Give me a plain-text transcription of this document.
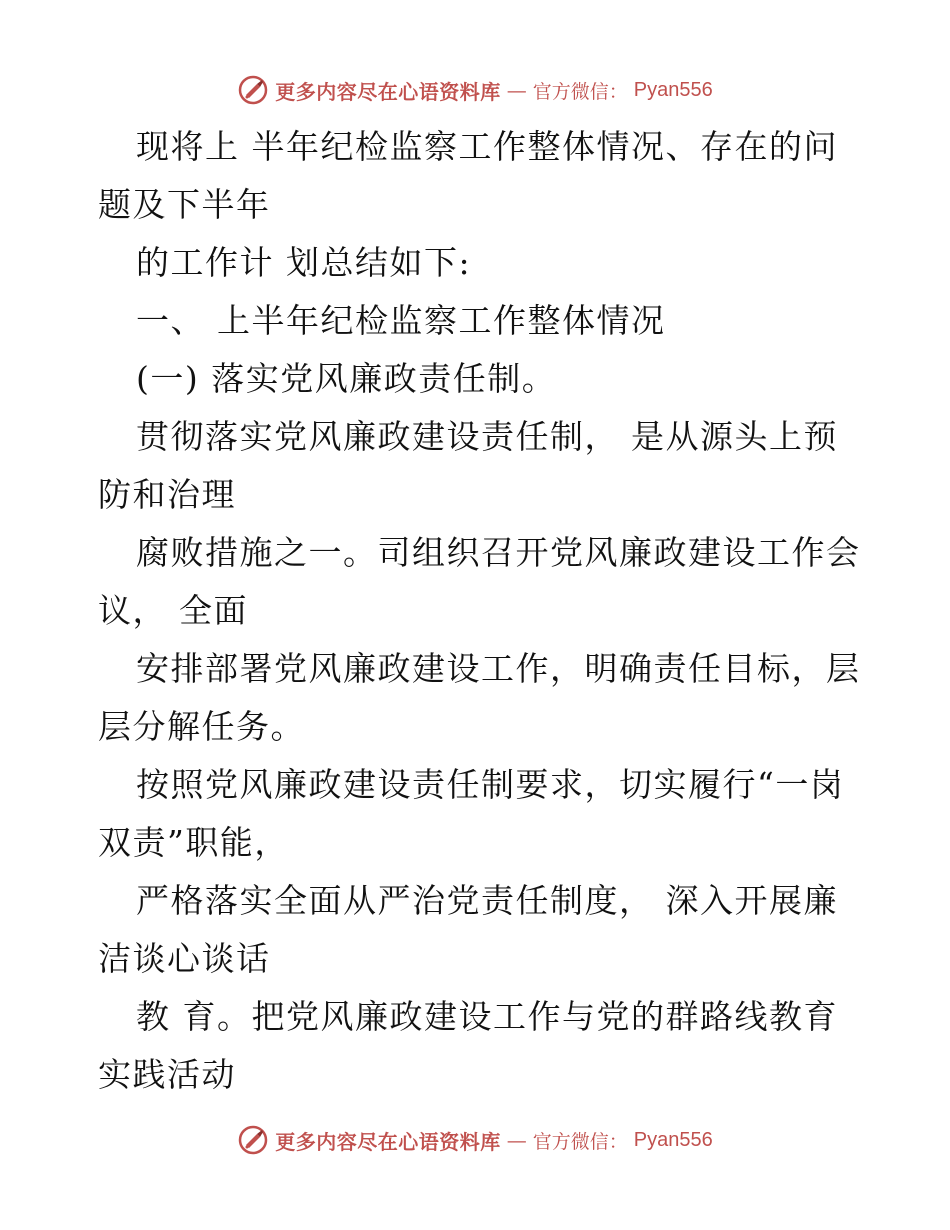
更多内容尽在心语资料库 — 官方微信： Pyan556
现将上 半年纪检监察工作整体情况、存在的问
题及下半年
的工作计 划总结如下:
一、 上半年纪检监察工作整体情况
(一) 落实党风廉政责任制。
贯彻落实党风廉政建设责任制， 是从源头上预
防和治理
腐败措施之一。司组织召开党风廉政建设工作会
议， 全面
安排部署党风廉政建设工作，明确责任目标，层
层分解任务。
按照党风廉政建设责任制要求，切实履行“一岗
双责”职能，
严格落实全面从严治党责任制度， 深入开展廉
洁谈心谈话
教 育。把党风廉政建设工作与党的群路线教育
实践活动
更多内容尽在心语资料库 — 官方微信： Pyan556
